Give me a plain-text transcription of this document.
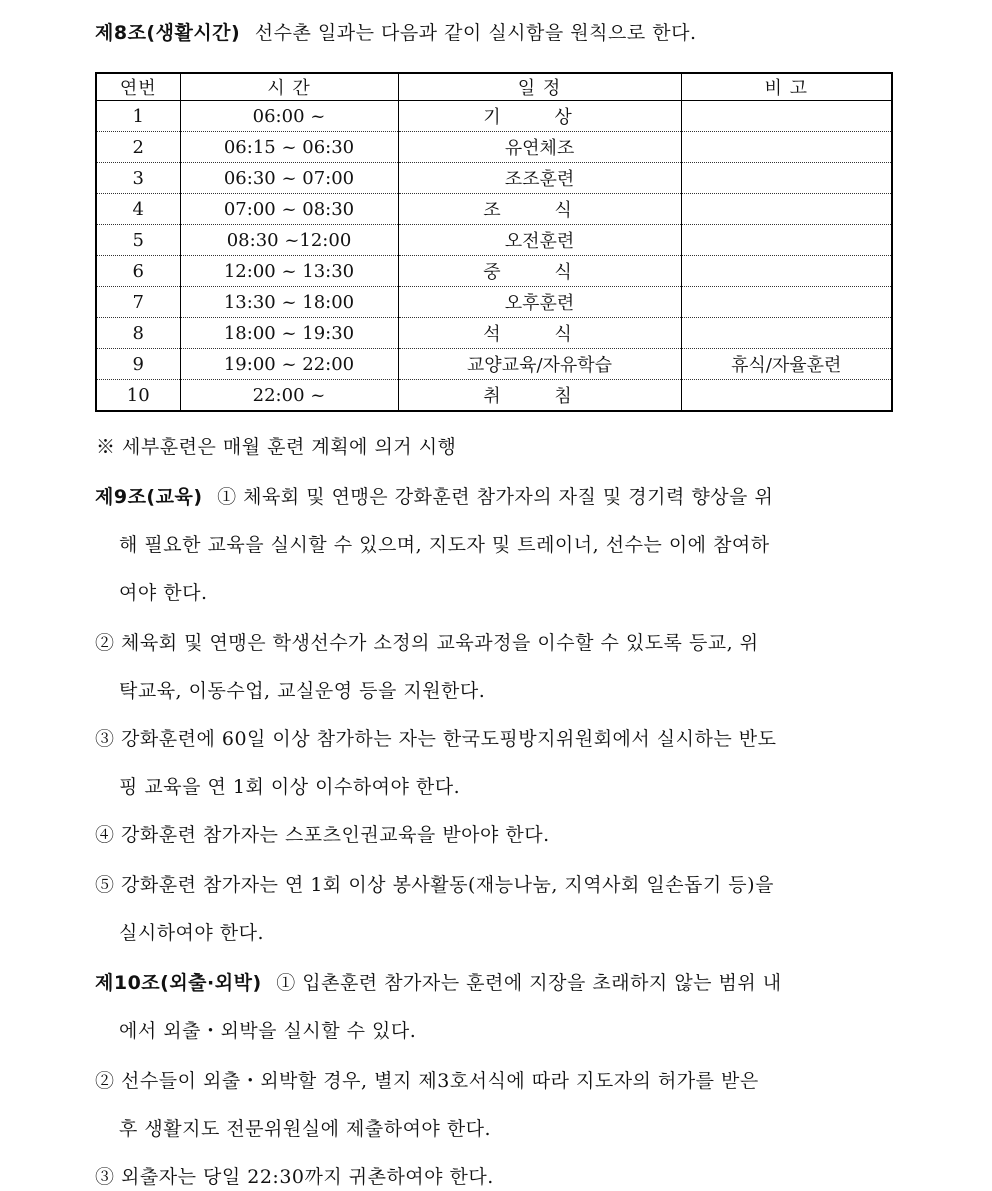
제8조(생활시간) 선수촌 일과는 다음과 같이 실시함을 원칙으로 한다.
연번	시 간	일 정	비 고
1	06:00 ~	기 상	
2	06:15 ~ 06:30	유연체조	
3	06:30 ~ 07:00	조조훈련	
4	07:00 ~ 08:30	조 식	
5	08:30 ~12:00	오전훈련	
6	12:00 ~ 13:30	중 식	
7	13:30 ~ 18:00	오후훈련	
8	18:00 ~ 19:30	석 식	
9	19:00 ~ 22:00	교양교육/자유학습	휴식/자율훈련
10	22:00 ~	취 침	
※ 세부훈련은 매월 훈련 계획에 의거 시행
제9조(교육) ① 체육회 및 연맹은 강화훈련 참가자의 자질 및 경기력 향상을 위
해 필요한 교육을 실시할 수 있으며, 지도자 및 트레이너, 선수는 이에 참여하
여야 한다.
② 체육회 및 연맹은 학생선수가 소정의 교육과정을 이수할 수 있도록 등교, 위
탁교육, 이동수업, 교실운영 등을 지원한다.
③ 강화훈련에 60일 이상 참가하는 자는 한국도핑방지위원회에서 실시하는 반도
핑 교육을 연 1회 이상 이수하여야 한다.
④ 강화훈련 참가자는 스포츠인권교육을 받아야 한다.
⑤ 강화훈련 참가자는 연 1회 이상 봉사활동(재능나눔, 지역사회 일손돕기 등)을
실시하여야 한다.
제10조(외출·외박) ① 입촌훈련 참가자는 훈련에 지장을 초래하지 않는 범위 내
에서 외출・외박을 실시할 수 있다.
② 선수들이 외출・외박할 경우, 별지 제3호서식에 따라 지도자의 허가를 받은
후 생활지도 전문위원실에 제출하여야 한다.
③ 외출자는 당일 22:30까지 귀촌하여야 한다.
